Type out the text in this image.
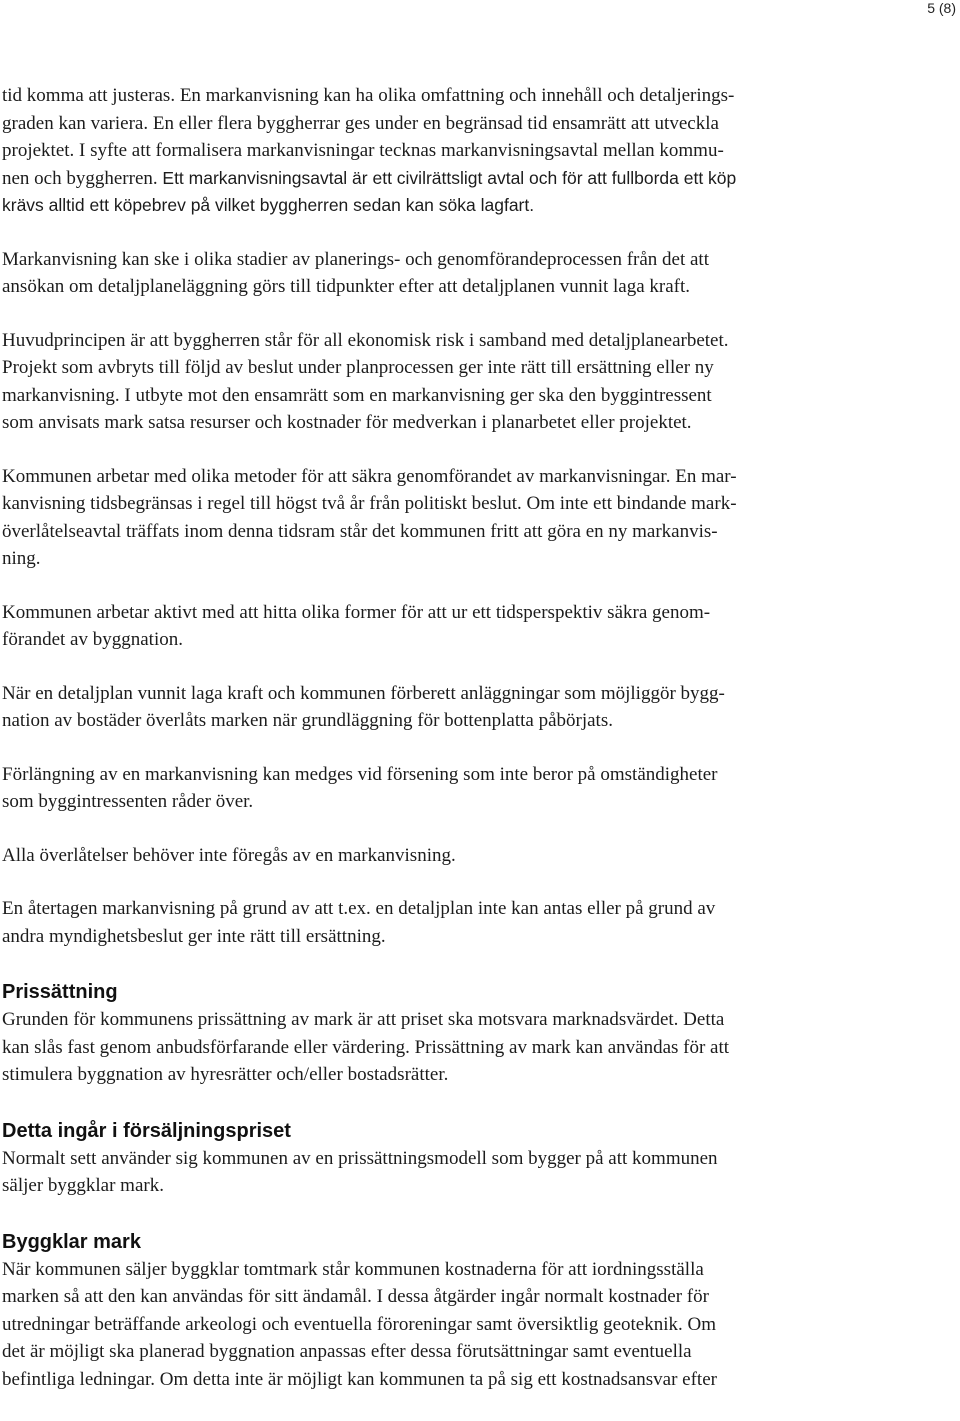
5 (8)

tid komma att justeras. En markanvisning kan ha olika omfattning och innehåll och detaljerings-
graden kan variera. En eller flera byggherrar ges under en begränsad tid ensamrätt att utveckla
projektet. I syfte att formalisera markanvisningar tecknas markanvisningsavtal mellan kommu-
nen och byggherren. Ett markanvisningsavtal är ett civilrättsligt avtal och för att fullborda ett köp
krävs alltid ett köpebrev på vilket byggherren sedan kan söka lagfart.

Markanvisning kan ske i olika stadier av planerings- och genomförandeprocessen från det att
ansökan om detaljplaneläggning görs till tidpunkter efter att detaljplanen vunnit laga kraft.

Huvudprincipen är att byggherren står för all ekonomisk risk i samband med detaljplanearbetet.
Projekt som avbryts till följd av beslut under planprocessen ger inte rätt till ersättning eller ny
markanvisning. I utbyte mot den ensamrätt som en markanvisning ger ska den byggintressent
som anvisats mark satsa resurser och kostnader för medverkan i planarbetet eller projektet.

Kommunen arbetar med olika metoder för att säkra genomförandet av markanvisningar. En mar-
kanvisning tidsbegränsas i regel till högst två år från politiskt beslut. Om inte ett bindande mark-
överlåtelseavtal träffats inom denna tidsram står det kommunen fritt att göra en ny markanvis-
ning.

Kommunen arbetar aktivt med att hitta olika former för att ur ett tidsperspektiv säkra genom-
förandet av byggnation.

När en detaljplan vunnit laga kraft och kommunen förberett anläggningar som möjliggör bygg-
nation av bostäder överlåts marken när grundläggning för bottenplatta påbörjats.

Förlängning av en markanvisning kan medges vid försening som inte beror på omständigheter
som byggintressenten råder över.

Alla överlåtelser behöver inte föregås av en markanvisning.

En återtagen markanvisning på grund av att t.ex. en detaljplan inte kan antas eller på grund av
andra myndighetsbeslut ger inte rätt till ersättning.

Prissättning

Grunden för kommunens prissättning av mark är att priset ska motsvara marknadsvärdet. Detta
kan slås fast genom anbudsförfarande eller värdering. Prissättning av mark kan användas för att
stimulera byggnation av hyresrätter och/eller bostadsrätter.

Detta ingår i försäljningspriset

Normalt sett använder sig kommunen av en prissättningsmodell som bygger på att kommunen
säljer byggklar mark.

Byggklar mark

När kommunen säljer byggklar tomtmark står kommunen kostnaderna för att iordningsställa
marken så att den kan användas för sitt ändamål. I dessa åtgärder ingår normalt kostnader för
utredningar beträffande arkeologi och eventuella föroreningar samt översiktlig geoteknik. Om
det är möjligt ska planerad byggnation anpassas efter dessa förutsättningar samt eventuella
befintliga ledningar. Om detta inte är möjligt kan kommunen ta på sig ett kostnadsansvar efter
